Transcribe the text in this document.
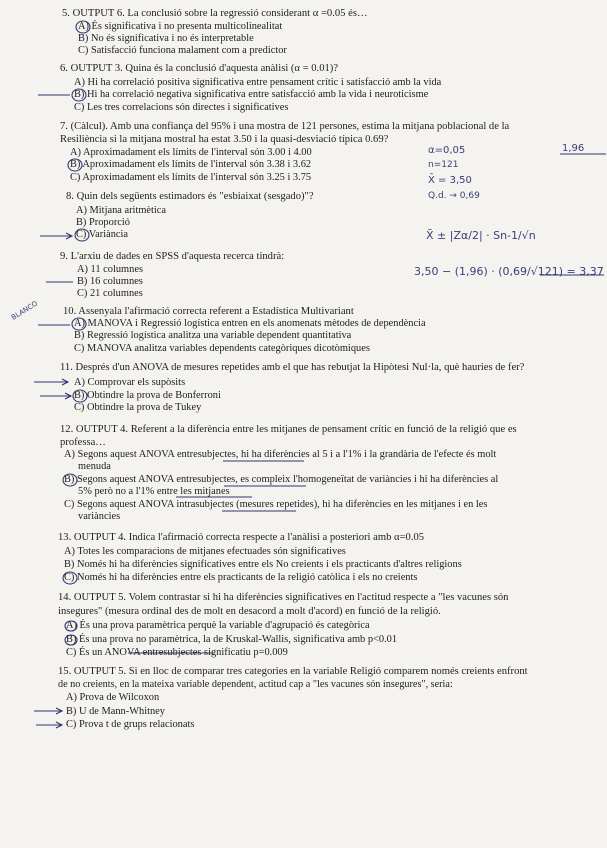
5. OUTPUT 6. La conclusió sobre la regressió considerant α =0.05 és…
A) És significativa i no presenta multicolinealitat
B) No és significativa i no és interpretable
C) Satisfacció funciona malament com a predictor
6. OUTPUT 3. Quina és la conclusió d'aquesta anàlisi (α = 0.01)?
A) Hi ha correlació positiva significativa entre pensament crític i satisfacció amb la vida
B) Hi ha correlació negativa significativa entre satisfacció amb la vida i neuroticisme
C) Les tres correlacions són directes i significatives
7. (Càlcul). Amb una confiança del 95% i una mostra de 121 persones, estima la mitjana poblacional de la
Resiliència si la mitjana mostral ha estat 3.50 i la quasi-desviació típica 0.69?
A) Aproximadament els límits de l'interval són 3.00 i 4.00
B) Aproximadament els límits de l'interval són 3.38 i 3.62
C) Aproximadament els límits de l'interval són 3.25 i 3.75
8. Quin dels següents estimadors és "esbiaixat (sesgado)"?
A) Mitjana aritmètica
B) Proporció
C) Variància
9. L'arxiu de dades en SPSS d'aquesta recerca tindrà:
A) 11 columnes
B) 16 columnes
C) 21 columnes
10. Assenyala l'afirmació correcta referent a Estadística Multivariant
A) MANOVA i Regressió logística entren en els anomenats mètodes de dependència
B) Regressió logística analitza una variable dependent quantitativa
C) MANOVA analitza variables dependents categòriques dicotòmiques
11. Després d'un ANOVA de mesures repetides amb el que has rebutjat la Hipòtesi Nul·la, què hauries de fer?
A) Comprovar els supòsits
B) Obtindre la prova de Bonferroni
C) Obtindre la prova de Tukey
12. OUTPUT 4. Referent a la diferència entre les mitjanes de pensament crític en funció de la religió que es
professa…
A) Segons aquest ANOVA entresubjectes, hi ha diferències al 5 i a l'1% i la grandària de l'efecte és molt
menuda
B) Segons aquest ANOVA entresubjectes, es compleix l'homogeneïtat de variàncies i hi ha diferències al
5% però no a l'1% entre les mitjanes
C) Segons aquest ANOVA intrasubjectes (mesures repetides), hi ha diferències en les mitjanes i en les
variàncies
13. OUTPUT 4. Indica l'afirmació correcta respecte a l'anàlisi a posteriori amb α=0.05
A) Totes les comparacions de mitjanes efectuades són significatives
B) Només hi ha diferències significatives entre els No creients i els practicants d'altres religions
C) Només hi ha diferències entre els practicants de la religió catòlica i els no creients
14. OUTPUT 5. Volem contrastar si hi ha diferències significatives en l'actitud respecte a "les vacunes són
insegures" (mesura ordinal des de molt en desacord a molt d'acord) en funció de la religió.
A) És una prova paramètrica perquè la variable d'agrupació és categòrica
B) És una prova no paramètrica, la de Kruskal-Wallis, significativa amb p<0.01
C) És un ANOVA entresubjectes significatiu p=0.009
15. OUTPUT 5. Si en lloc de comparar tres categories en la variable Religió comparem només creients enfront
de no creients, en la mateixa variable dependent, actitud cap a "les vacunes són insegures", seria:
A) Prova de Wilcoxon
B) U de Mann-Whitney
C) Prova t de grups relacionats
α=0,05	1,96
n=121
X̄ = 3,50
Q.d. → 0,69
X̄ ± |Zα/2| · Sn-1/√n
3,50 − (1,96) · (0,69/√121) = 3,37
BLANCO
